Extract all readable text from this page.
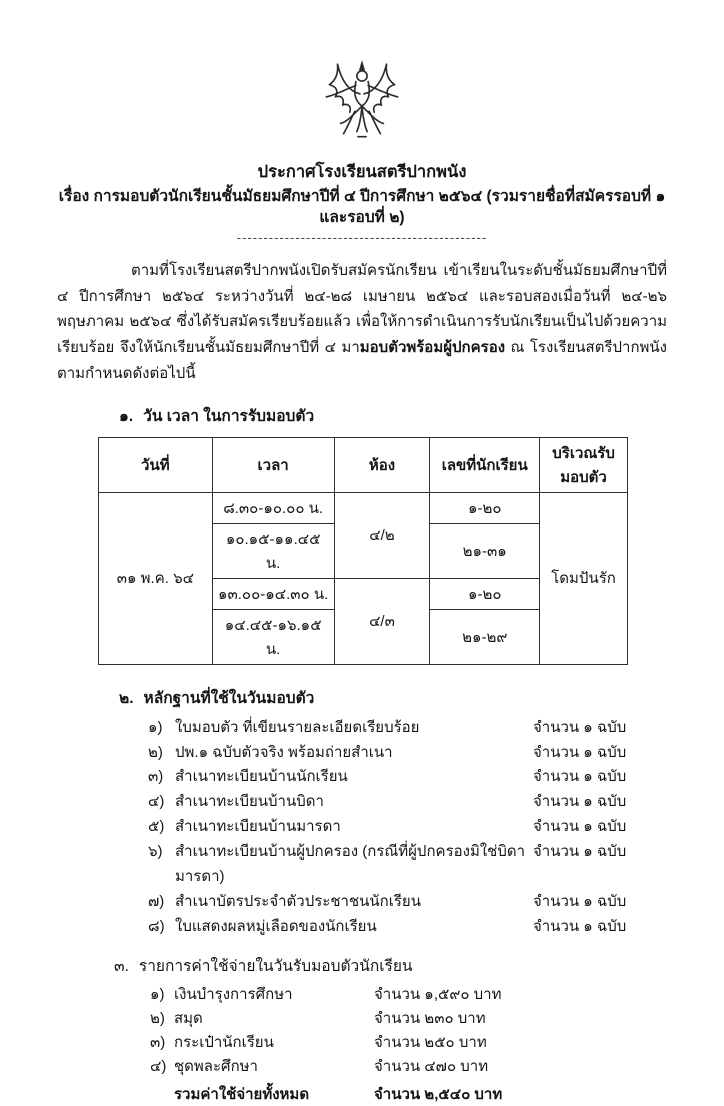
ประกาศโรงเรียนสตรีปากพนัง
เรื่อง การมอบตัวนักเรียนชั้นมัธยมศึกษาปีที่ ๔ ปีการศึกษา ๒๕๖๔ (รวมรายชื่อที่สมัครรอบที่ ๑ และรอบที่ ๒)
-----------------------------------------------

ตามที่โรงเรียนสตรีปากพนังเปิดรับสมัครนักเรียน เข้าเรียนในระดับชั้นมัธยมศึกษาปีที่ ๔ ปีการศึกษา ๒๕๖๔ ระหว่างวันที่ ๒๔-๒๘ เมษายน ๒๕๖๔ และรอบสองเมื่อวันที่ ๒๔-๒๖ พฤษภาคม ๒๕๖๔ ซึ่งได้รับสมัครเรียบร้อยแล้ว เพื่อให้การดำเนินการรับนักเรียนเป็นไปด้วยความเรียบร้อย จึงให้นักเรียนชั้นมัธยมศึกษาปีที่ ๔ มามอบตัวพร้อมผู้ปกครอง ณ โรงเรียนสตรีปากพนัง ตามกำหนดดังต่อไปนี้

๑. วัน เวลา ในการรับมอบตัว
วันที่	เวลา	ห้อง	เลขที่นักเรียน	บริเวณรับมอบตัว
๓๑ พ.ค. ๖๔	๘.๓๐-๑๐.๐๐ น.	๔/๒	๑-๒๐	โดมปันรัก
	๑๐.๑๕-๑๑.๔๕ น.		๒๑-๓๑	
	๑๓.๐๐-๑๔.๓๐ น.	๔/๓	๑-๒๐	
	๑๔.๔๕-๑๖.๑๕ น.		๒๑-๒๙	
๒. หลักฐานที่ใช้ในวันมอบตัว
๑) ใบมอบตัว ที่เขียนรายละเอียดเรียบร้อย	จำนวน ๑ ฉบับ
๒) ปพ.๑ ฉบับตัวจริง พร้อมถ่ายสำเนา	จำนวน ๑ ฉบับ
๓) สำเนาทะเบียนบ้านนักเรียน	จำนวน ๑ ฉบับ
๔) สำเนาทะเบียนบ้านบิดา	จำนวน ๑ ฉบับ
๕) สำเนาทะเบียนบ้านมารดา	จำนวน ๑ ฉบับ
๖) สำเนาทะเบียนบ้านผู้ปกครอง (กรณีที่ผู้ปกครองมิใช่บิดามารดา)
จำนวน ๑ ฉบับ
๗) สำเนาบัตรประจำตัวประชาชนนักเรียน	จำนวน ๑ ฉบับ
๘) ใบแสดงผลหมู่เลือดของนักเรียน	จำนวน ๑ ฉบับ
๓. รายการค่าใช้จ่ายในวันรับมอบตัวนักเรียน
๑) เงินบำรุงการศึกษา	จำนวน ๑,๕๙๐ บาท
๒) สมุด	จำนวน ๒๓๐ บาท
๓) กระเป๋านักเรียน	จำนวน ๒๕๐ บาท
๔) ชุดพละศึกษา	จำนวน ๔๗๐ บาท
รวมค่าใช้จ่ายทั้งหมด	จำนวน ๒,๕๔๐ บาท
